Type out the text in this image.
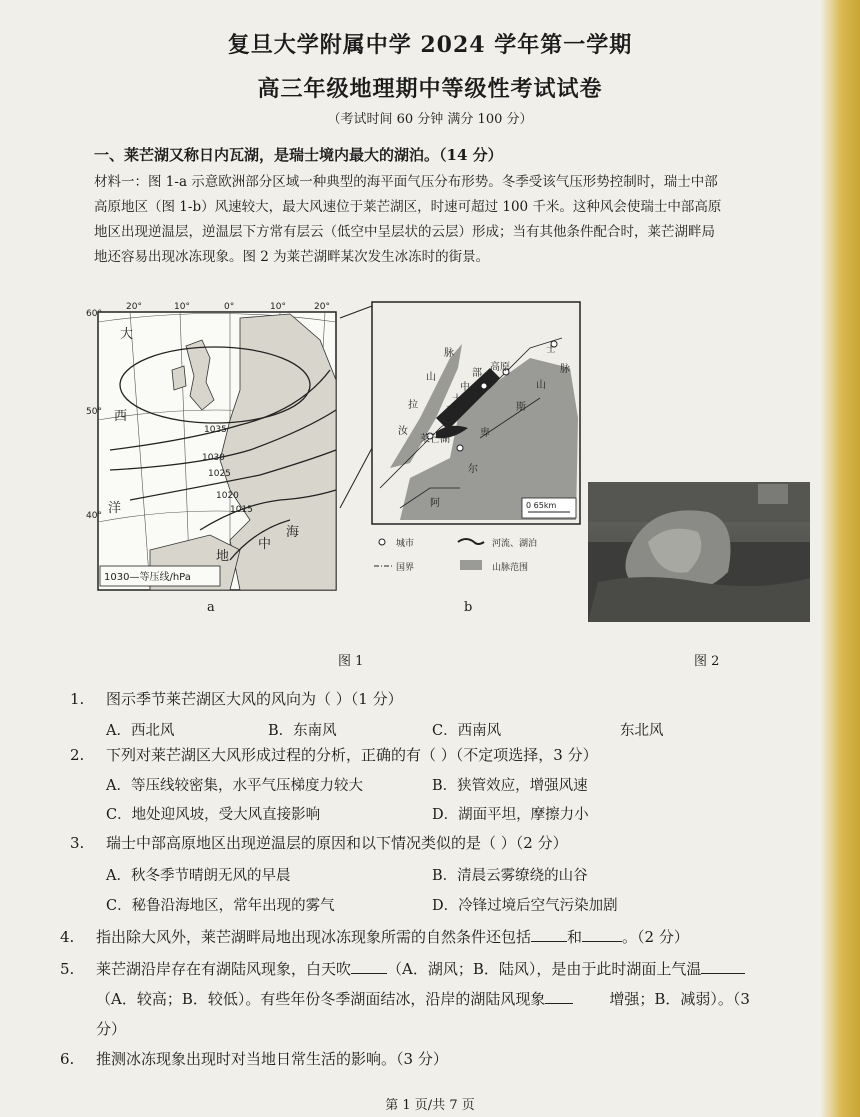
复旦大学附属中学 2024 学年第一学期
高三年级地理期中等级性考试试卷
（考试时间 60 分钟 满分 100 分）
一、莱芒湖又称日内瓦湖，是瑞士境内最大的湖泊。（14 分）
材料一：图 1-a 示意欧洲部分区域一种典型的海平面气压分布形势。冬季受该气压形势控制时，瑞士中部
高原地区（图 1-b）风速较大，最大风速位于莱芒湖区，时速可超过 100 千米。这种风会使瑞士中部高原
地区出现逆温层，逆温层下方常有层云（低空中呈层状的云层）形成；当有其他条件配合时，莱芒湖畔局
地还容易出现冰冻现象。图 2 为莱芒湖畔某次发生冰冻时的街景。
20°	10°	0°	10°	20°
60°
50°
40°
1035
1030
1025
1020
1015
大
西
洋
地
中
海
1030—等压线/hPa
a
脉
山	部
高原
中
士
拉
瑞
汝
莱芒湖
斯
卑
尔
阿
山
脉
士
0 65km
城市	河流、湖泊
国界	山脉范围
b
图 1	图 2
1. 图示季节莱芒湖区大风的风向为（ ）（1 分）
A．西北风	B．东南风	C．西南风	东北风
2. 下列对莱芒湖区大风形成过程的分析，正确的有（ ）（不定项选择，3 分）
A．等压线较密集，水平气压梯度力较大	B．狭管效应，增强风速
C．地处迎风坡，受大风直接影响	D．湖面平坦，摩擦力小
3. 瑞士中部高原地区出现逆温层的原因和以下情况类似的是（ ）（2 分）
A．秋冬季节晴朗无风的早晨	B．清晨云雾缭绕的山谷
C．秘鲁沿海地区，常年出现的雾气	D．冷锋过境后空气污染加剧
4. 指出除大风外，莱芒湖畔局地出现冰冻现象所需的自然条件还包括 和	。（2 分）
5. 莱芒湖沿岸存在有湖陆风现象，白天吹 （A．湖风；B．陆风），是由于此时湖面上气温
（A．较高；B．较低）。有些年份冬季湖面结冰，沿岸的湖陆风现象	增强；B．减弱）。（3
分）
6. 推测冰冻现象出现时对当地日常生活的影响。（3 分）
第 1 页/共 7 页
